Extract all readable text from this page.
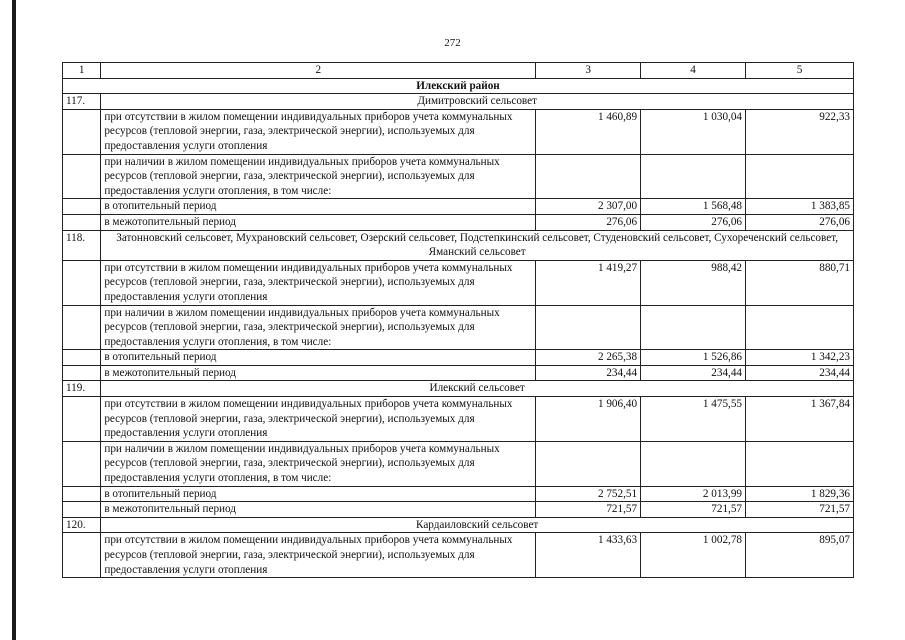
272
1	2	3	4	5
Илекский район				
117.	Димитровский сельсовет			
	при отсутствии в жилом помещении индивидуальных приборов учета коммунальных ресурсов (тепловой энергии, газа, электрической энергии), используемых для предоставления услуги отопления	1 460,89	1 030,04	922,33
	при наличии в жилом помещении индивидуальных приборов учета коммунальных ресурсов (тепловой энергии, газа, электрической энергии), используемых для предоставления услуги отопления, в том числе:			
	в отопительный период	2 307,00	1 568,48	1 383,85
	в межотопительный период	276,06	276,06	276,06
118.	Затонновский сельсовет, Мухрановский сельсовет, Озерский сельсовет, Подстепкинский сельсовет, Студеновский сельсовет, Сухореченский сельсовет, Яманский сельсовет			
	при отсутствии в жилом помещении индивидуальных приборов учета коммунальных ресурсов (тепловой энергии, газа, электрической энергии), используемых для предоставления услуги отопления	1 419,27	988,42	880,71
	при наличии в жилом помещении индивидуальных приборов учета коммунальных ресурсов (тепловой энергии, газа, электрической энергии), используемых для предоставления услуги отопления, в том числе:			
	в отопительный период	2 265,38	1 526,86	1 342,23
	в межотопительный период	234,44	234,44	234,44
119.	Илекский сельсовет			
	при отсутствии в жилом помещении индивидуальных приборов учета коммунальных ресурсов (тепловой энергии, газа, электрической энергии), используемых для предоставления услуги отопления	1 906,40	1 475,55	1 367,84
	при наличии в жилом помещении индивидуальных приборов учета коммунальных ресурсов (тепловой энергии, газа, электрической энергии), используемых для предоставления услуги отопления, в том числе:			
	в отопительный период	2 752,51	2 013,99	1 829,36
	в межотопительный период	721,57	721,57	721,57
120.	Кардаиловский сельсовет			
	при отсутствии в жилом помещении индивидуальных приборов учета коммунальных ресурсов (тепловой энергии, газа, электрической энергии), используемых для предоставления услуги отопления	1 433,63	1 002,78	895,07
